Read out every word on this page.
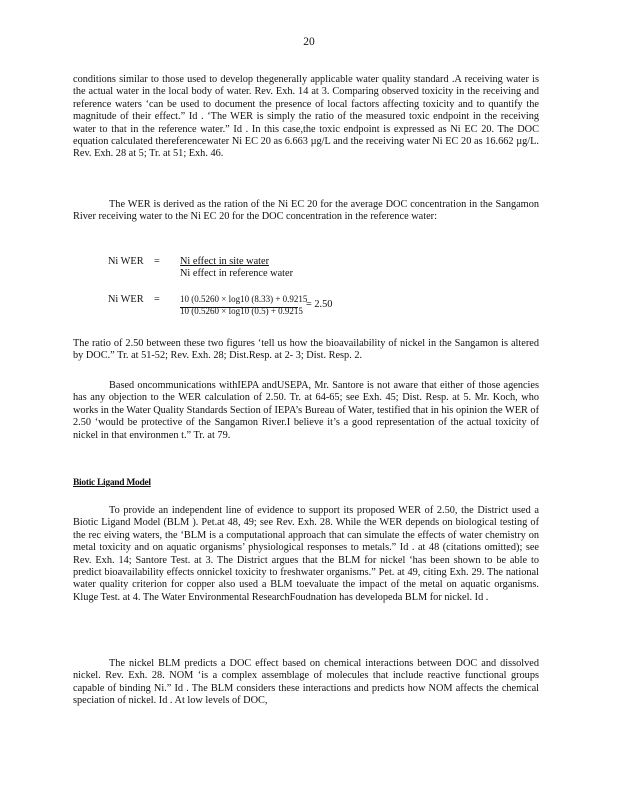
20

conditions similar to those used to develop thegenerally applicable water quality standard .A receiving water is the actual water in the local body of water. Rev. Exh. 14 at 3. Comparing observed toxicity in the receiving and reference waters ‘can be used to document the presence of local factors affecting toxicity and to quantify the magnitude of their effect.” Id . ‘The WER is simply the ratio of the measured toxic endpoint in the receiving water to that in the reference water.” Id . In this case,the toxic endpoint is expressed as Ni EC 20. The DOC equation calculated thereferencewater Ni EC 20 as 6.663 µg/L and the receiving water Ni EC 20 as 16.662 µg/L. Rev. Exh. 28 at 5; Tr. at 51; Exh. 46.

The WER is derived as the ration of the Ni EC 20 for the average DOC concentration in the Sangamon River receiving water to the Ni EC 20 for the DOC concentration in the reference water:

Ni WER	= Ni effect in site water
Ni effect in reference water
Ni WER	= 10 (0.5260 × log10 (8.33) + 0.9215
10 (0.5260 × log10 (0.5) + 0.9215
= 2.50

The ratio of 2.50 between these two figures ‘tell us how the bioavailability of nickel in the Sangamon is altered by DOC.” Tr. at 51-52; Rev. Exh. 28; Dist.Resp. at 2- 3; Dist. Resp. 2.

Based oncommunications withIEPA andUSEPA, Mr. Santore is not aware that either of those agencies has any objection to the WER calculation of 2.50. Tr. at 64-65; see Exh. 45; Dist. Resp. at 5. Mr. Koch, who works in the Water Quality Standards Section of IEPA’s Bureau of Water, testified that in his opinion the WER of 2.50 ‘would be protective of the Sangamon River.I believe it’s a good representation of the actual toxicity of nickel in that environmen t.” Tr. at 79.

Biotic Ligand Model

To provide an independent line of evidence to support its proposed WER of 2.50, the District used a Biotic Ligand Model (BLM ). Pet.at 48, 49; see Rev. Exh. 28. While the WER depends on biological testing of the rec eiving waters, the ‘BLM is a computational approach that can simulate the effects of water chemistry on metal toxicity and on aquatic organisms’ physiological responses to metals.” Id . at 48 (citations omitted); see Rev. Exh. 14; Santore Test. at 3. The District argues that the BLM for nickel ‘has been shown to be able to predict bioavailability effects onnickel toxicity to freshwater organisms.” Pet. at 49, citing Exh. 29. The national water quality criterion for copper also used a BLM toevaluate the impact of the metal on aquatic organisms. Kluge Test. at 4. The Water Environmental ResearchFoudnation has developeda BLM for nickel. Id .

The nickel BLM predicts a DOC effect based on chemical interactions between DOC and dissolved nickel. Rev. Exh. 28. NOM ‘is a complex assemblage of molecules that include reactive functional groups capable of binding Ni.” Id . The BLM considers these interactions and predicts how NOM affects the chemical speciation of nickel. Id . At low levels of DOC,
